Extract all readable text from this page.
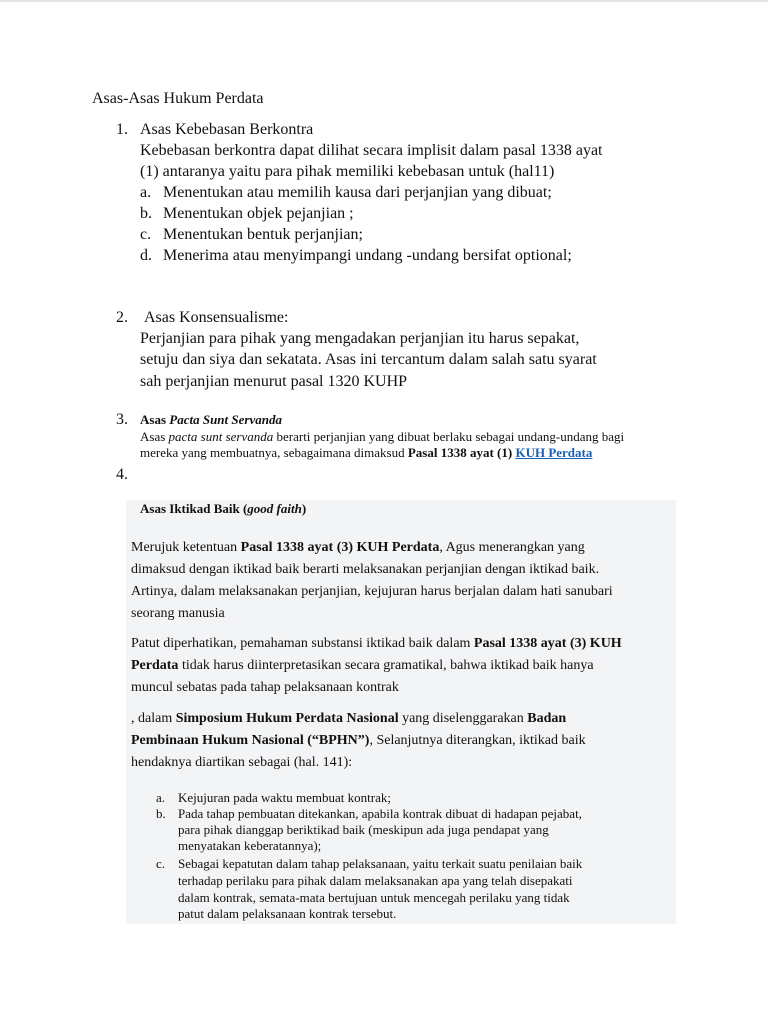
Asas-Asas Hukum Perdata
1. Asas Kebebasan Berkontra
Kebebasan berkontra dapat dilihat secara implisit dalam pasal 1338 ayat
(1) antaranya yaitu para pihak memiliki kebebasan untuk (hal11)
a. Menentukan atau memilih kausa dari perjanjian yang dibuat;
b. Menentukan objek pejanjian ;
c. Menentukan bentuk perjanjian;
d. Menerima atau menyimpangi undang -undang bersifat optional;
2. Asas Konsensualisme:
Perjanjian para pihak yang mengadakan perjanjian itu harus sepakat,
setuju dan siya dan sekatata. Asas ini tercantum dalam salah satu syarat
sah perjanjian menurut pasal 1320 KUHP
3. Asas Pacta Sunt Servanda
Asas pacta sunt servanda berarti perjanjian yang dibuat berlaku sebagai undang-undang bagi
mereka yang membuatnya, sebagaimana dimaksud Pasal 1338 ayat (1) KUH Perdata
4.
Asas Iktikad Baik (good faith)
Merujuk ketentuan Pasal 1338 ayat (3) KUH Perdata, Agus menerangkan yang
dimaksud dengan iktikad baik berarti melaksanakan perjanjian dengan iktikad baik.
Artinya, dalam melaksanakan perjanjian, kejujuran harus berjalan dalam hati sanubari
seorang manusia
Patut diperhatikan, pemahaman substansi iktikad baik dalam Pasal 1338 ayat (3) KUH
Perdata tidak harus diinterpretasikan secara gramatikal, bahwa iktikad baik hanya
muncul sebatas pada tahap pelaksanaan kontrak
, dalam Simposium Hukum Perdata Nasional yang diselenggarakan Badan
Pembinaan Hukum Nasional (“BPHN”), Selanjutnya diterangkan, iktikad baik
hendaknya diartikan sebagai (hal. 141):
a. Kejujuran pada waktu membuat kontrak;
b. Pada tahap pembuatan ditekankan, apabila kontrak dibuat di hadapan pejabat,
para pihak dianggap beriktikad baik (meskipun ada juga pendapat yang
menyatakan keberatannya);
c. Sebagai kepatutan dalam tahap pelaksanaan, yaitu terkait suatu penilaian baik
terhadap perilaku para pihak dalam melaksanakan apa yang telah disepakati
dalam kontrak, semata-mata bertujuan untuk mencegah perilaku yang tidak
patut dalam pelaksanaan kontrak tersebut.
